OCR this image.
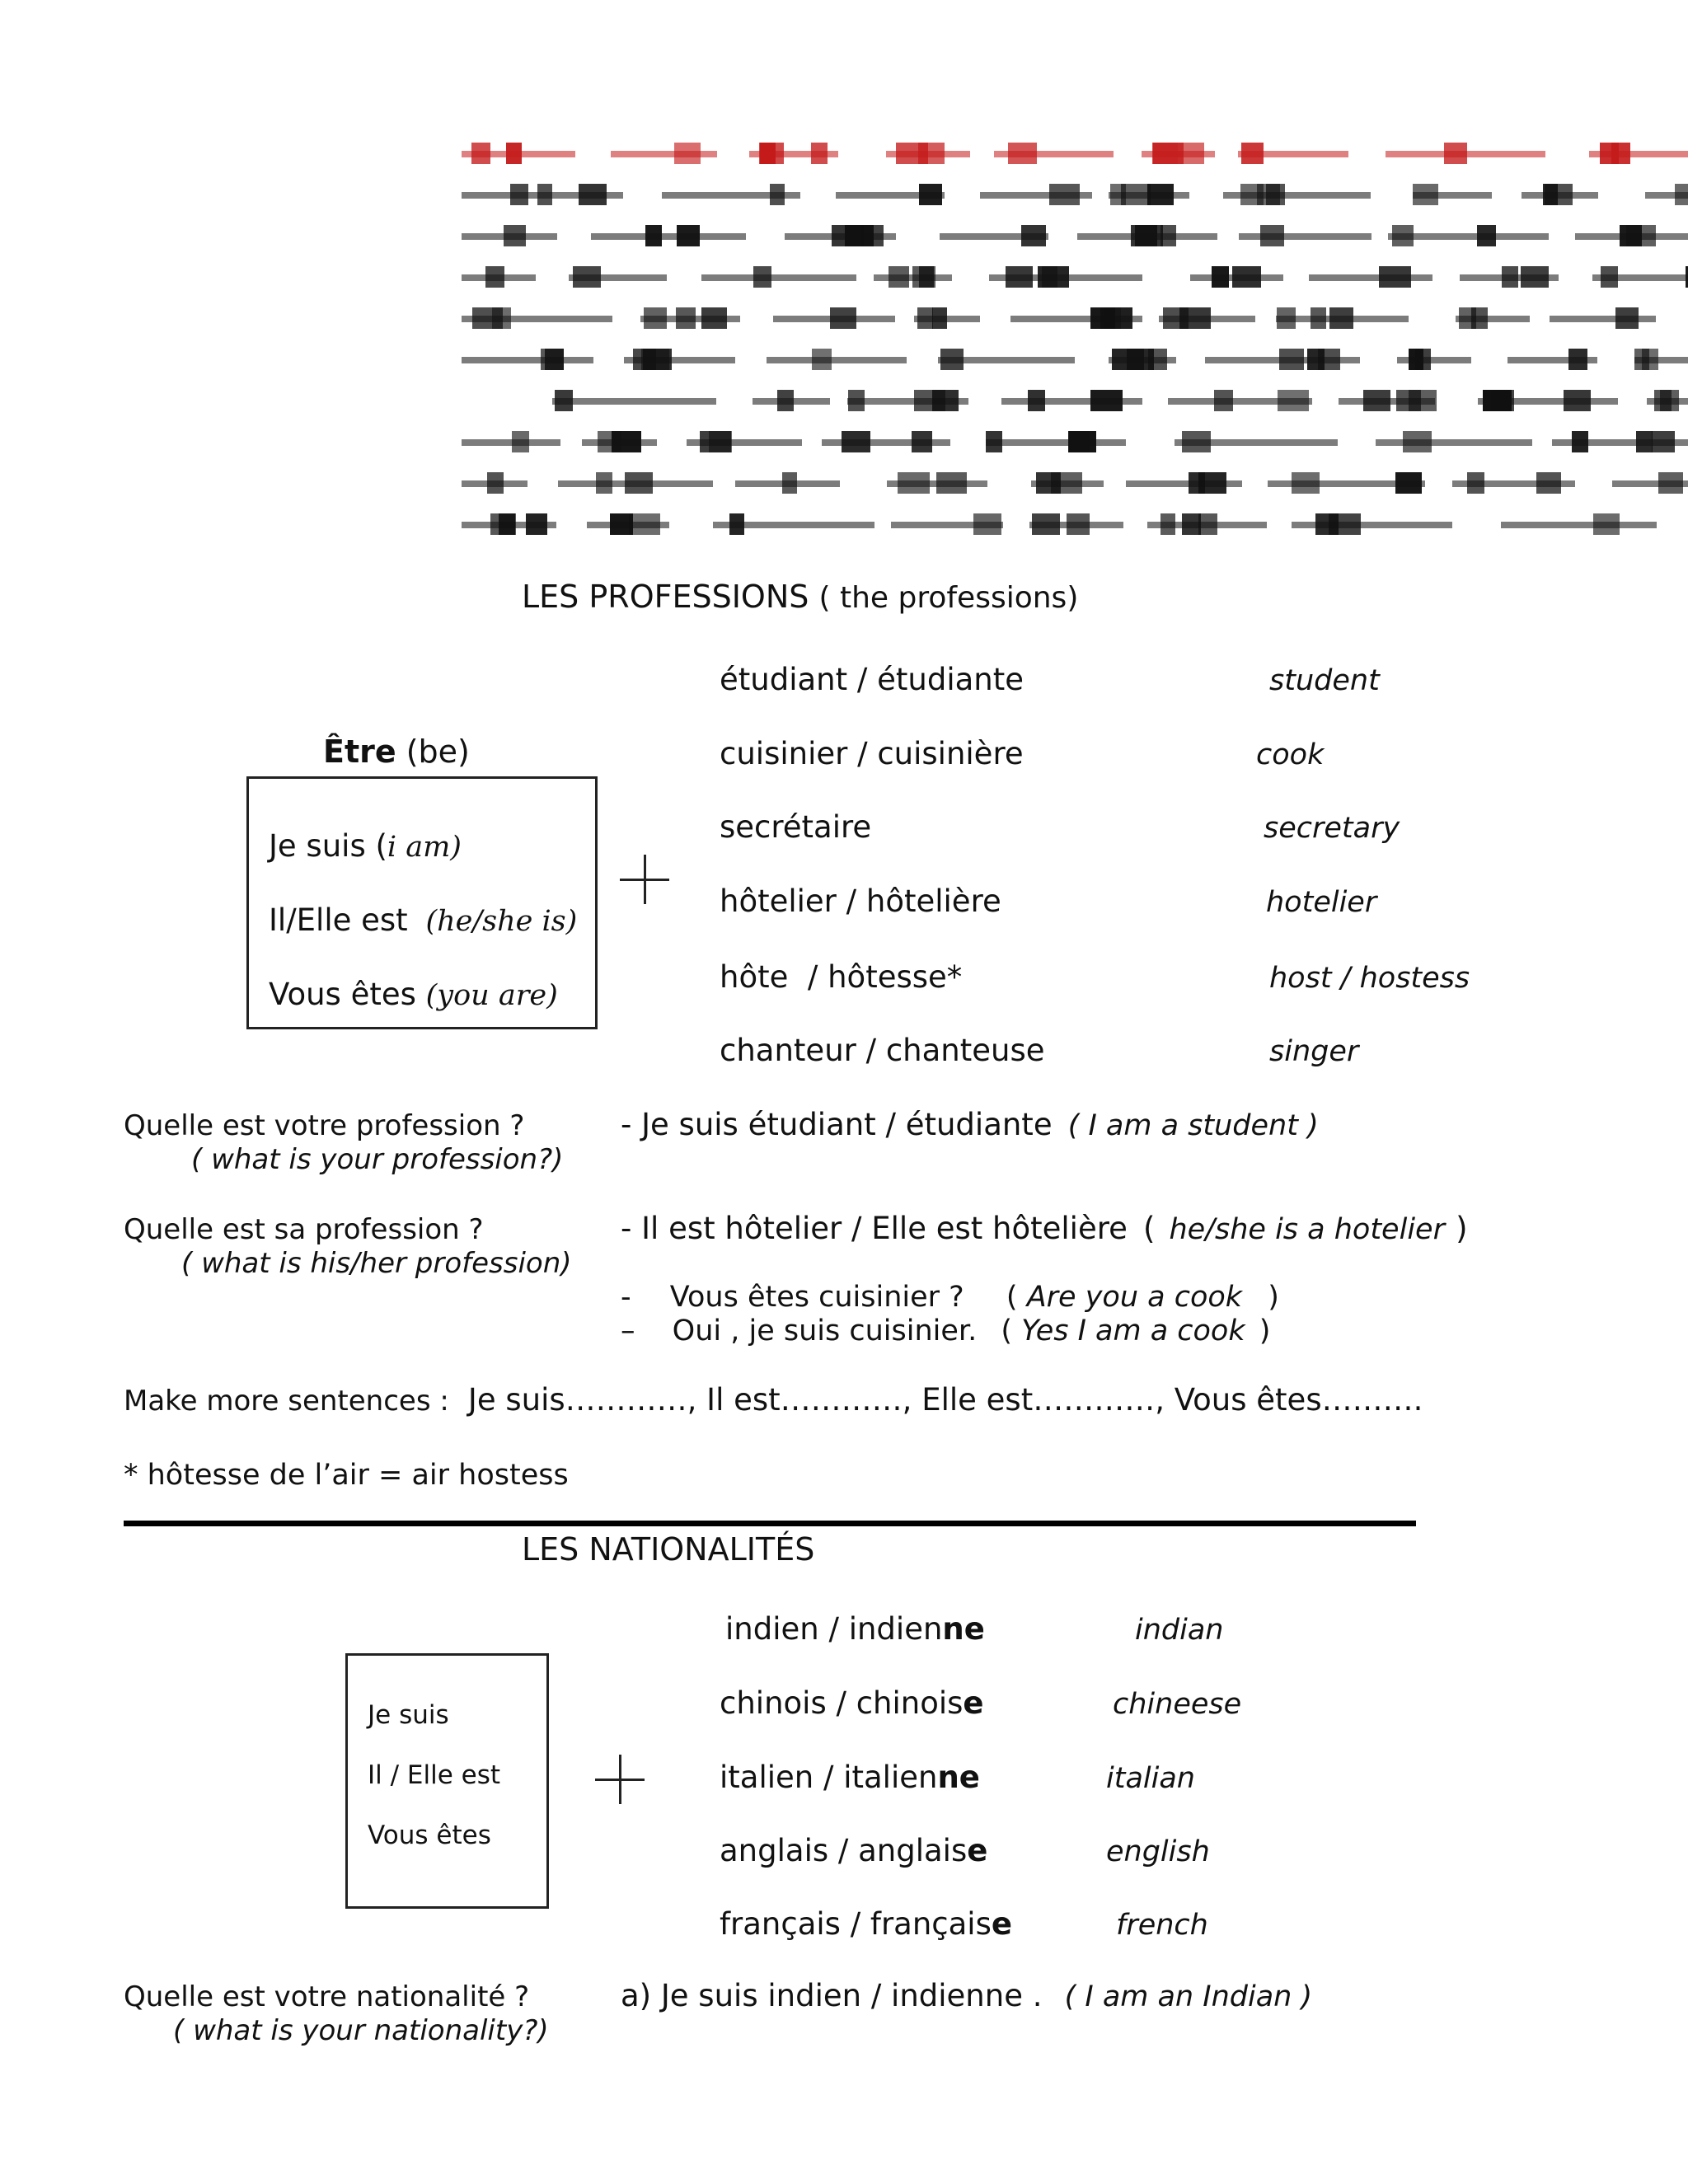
LES PROFESSIONS ( the professions)
Être (be)
Je suis (i am)
Il/Elle est (he/she is)
Vous êtes (you are)
étudiant / étudiante
cuisinier / cuisinière
secrétaire
hôtelier / hôtelière
hôte  / hôtesse*
chanteur / chanteuse
student
cook
secretary
hotelier
host / hostess
singer
Quelle est votre profession ?
( what is your profession?)
Quelle est sa profession ?
( what is his/her profession)
- Je suis étudiant / étudiante ( I am a student )
- Il est hôtelier / Elle est hôtelière ( he/she is a hotelier )
- Vous êtes cuisinier ? ( Are you a cook )
– Oui , je suis cuisinier. ( Yes I am a cook )
Make more sentences : Je suis…………, Il est…………, Elle est…………, Vous êtes……….
* hôtesse de l’air = air hostess
LES NATIONALITÉS
Je suis
Il / Elle est
Vous êtes
indien / indienne
chinois / chinoise
italien / italienne
anglais / anglaise
français / française
indian
chineese
italian
english
french
Quelle est votre nationalité ?
( what is your nationality?)
a) Je suis indien / indienne . ( I am an Indian )
